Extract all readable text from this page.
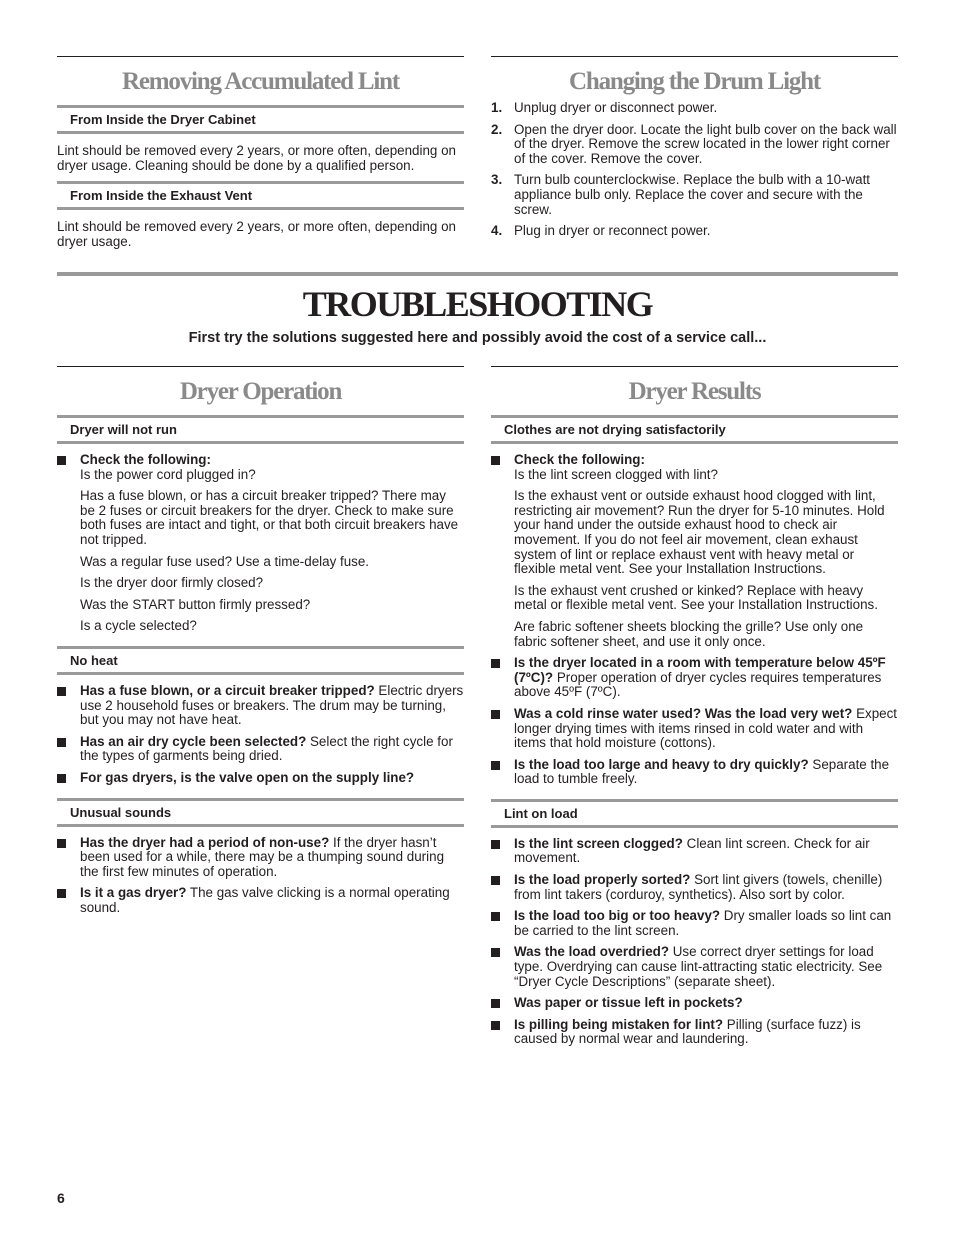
Removing Accumulated Lint
From Inside the Dryer Cabinet
Lint should be removed every 2 years, or more often, depending on dryer usage. Cleaning should be done by a qualified person.
From Inside the Exhaust Vent
Lint should be removed every 2 years, or more often, depending on dryer usage.
Changing the Drum Light
1. Unplug dryer or disconnect power.
2. Open the dryer door. Locate the light bulb cover on the back wall of the dryer. Remove the screw located in the lower right corner of the cover. Remove the cover.
3. Turn bulb counterclockwise. Replace the bulb with a 10-watt appliance bulb only. Replace the cover and secure with the screw.
4. Plug in dryer or reconnect power.
TROUBLESHOOTING
First try the solutions suggested here and possibly avoid the cost of a service call...
Dryer Operation
Dryer will not run

Check the following:
Is the power cord plugged in?

Has a fuse blown, or has a circuit breaker tripped? There may be 2 fuses or circuit breakers for the dryer. Check to make sure both fuses are intact and tight, or that both circuit breakers have not tripped.

Was a regular fuse used? Use a time-delay fuse.

Is the dryer door firmly closed?

Was the START button firmly pressed?

Is a cycle selected?

No heat
Has a fuse blown, or a circuit breaker tripped? Electric dryers use 2 household fuses or breakers. The drum may be turning, but you may not have heat.
Has an air dry cycle been selected? Select the right cycle for the types of garments being dried.
For gas dryers, is the valve open on the supply line?
Unusual sounds
Has the dryer had a period of non-use? If the dryer hasn’t been used for a while, there may be a thumping sound during the first few minutes of operation.
Is it a gas dryer? The gas valve clicking is a normal operating sound.
Dryer Results
Clothes are not drying satisfactorily

Check the following:
Is the lint screen clogged with lint?

Is the exhaust vent or outside exhaust hood clogged with lint, restricting air movement? Run the dryer for 5-10 minutes. Hold your hand under the outside exhaust hood to check air movement. If you do not feel air movement, clean exhaust system of lint or replace exhaust vent with heavy metal or flexible metal vent. See your Installation Instructions.

Is the exhaust vent crushed or kinked? Replace with heavy metal or flexible metal vent. See your Installation Instructions.

Are fabric softener sheets blocking the grille? Use only one fabric softener sheet, and use it only once.

Is the dryer located in a room with temperature below 45ºF (7ºC)? Proper operation of dryer cycles requires temperatures above 45ºF (7ºC).
Was a cold rinse water used? Was the load very wet? Expect longer drying times with items rinsed in cold water and with items that hold moisture (cottons).
Is the load too large and heavy to dry quickly? Separate the load to tumble freely.
Lint on load
Is the lint screen clogged? Clean lint screen. Check for air movement.
Is the load properly sorted? Sort lint givers (towels, chenille) from lint takers (corduroy, synthetics). Also sort by color.
Is the load too big or too heavy? Dry smaller loads so lint can be carried to the lint screen.
Was the load overdried? Use correct dryer settings for load type. Overdrying can cause lint-attracting static electricity. See “Dryer Cycle Descriptions” (separate sheet).
Was paper or tissue left in pockets?
Is pilling being mistaken for lint? Pilling (surface fuzz) is caused by normal wear and laundering.
6
